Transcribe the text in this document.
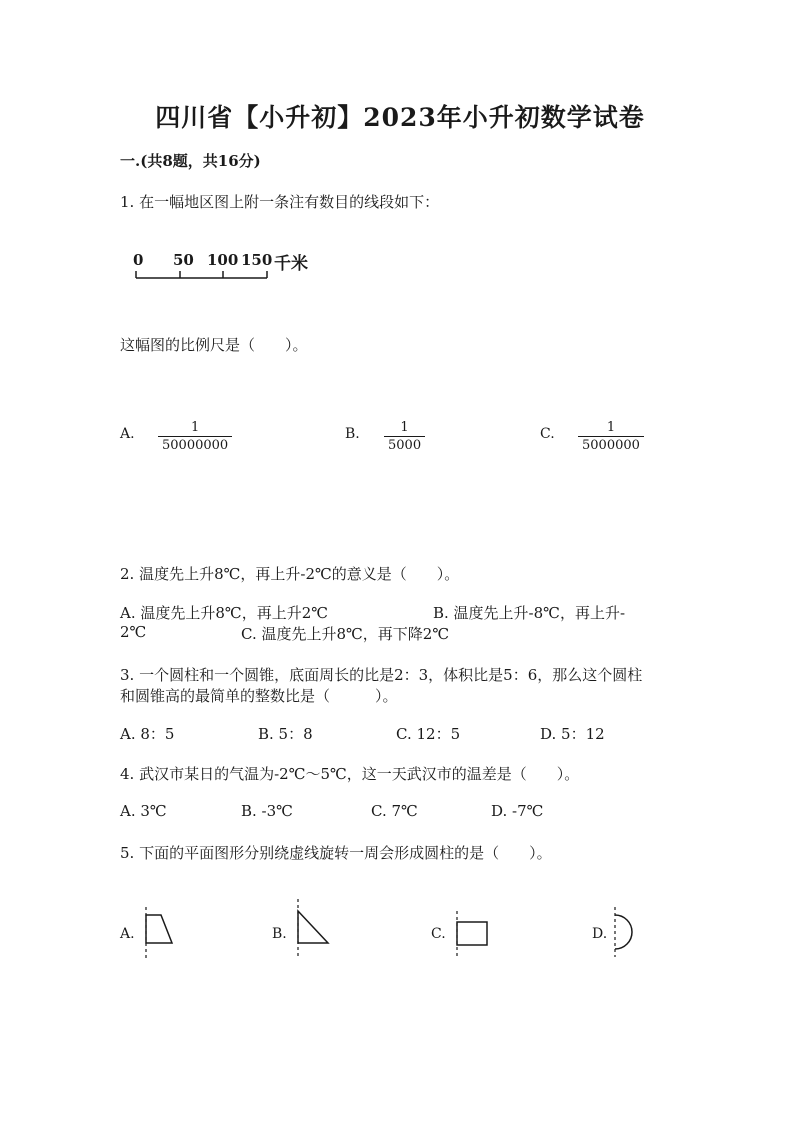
四川省【小升初】2023年小升初数学试卷
一.(共8题，共16分)
1. 在一幅地区图上附一条注有数目的线段如下：
0 50 100 150 千米
这幅图的比例尺是（　　）。
A. $\frac{1}{50000000}$	B. $\frac{1}{5000}$	C. $\frac{1}{5000000}$
2. 温度先上升8℃，再上升-2℃的意义是（　　）。
A. 温度先上升8℃，再上升2℃	B. 温度先上升-8℃，再上升-
2℃	C. 温度先上升8℃，再下降2℃
3. 一个圆柱和一个圆锥，底面周长的比是2：3，体积比是5：6，那么这个圆柱
和圆锥高的最简单的整数比是（　　　）。
A. 8：5	B. 5：8	C. 12：5	D. 5：12
4. 武汉市某日的气温为-2℃～5℃，这一天武汉市的温差是（　　）。
A. 3℃	B. -3℃	C. 7℃	D. -7℃
5. 下面的平面图形分别绕虚线旋转一周会形成圆柱的是（　　）。
A.	B.	C.	D.
